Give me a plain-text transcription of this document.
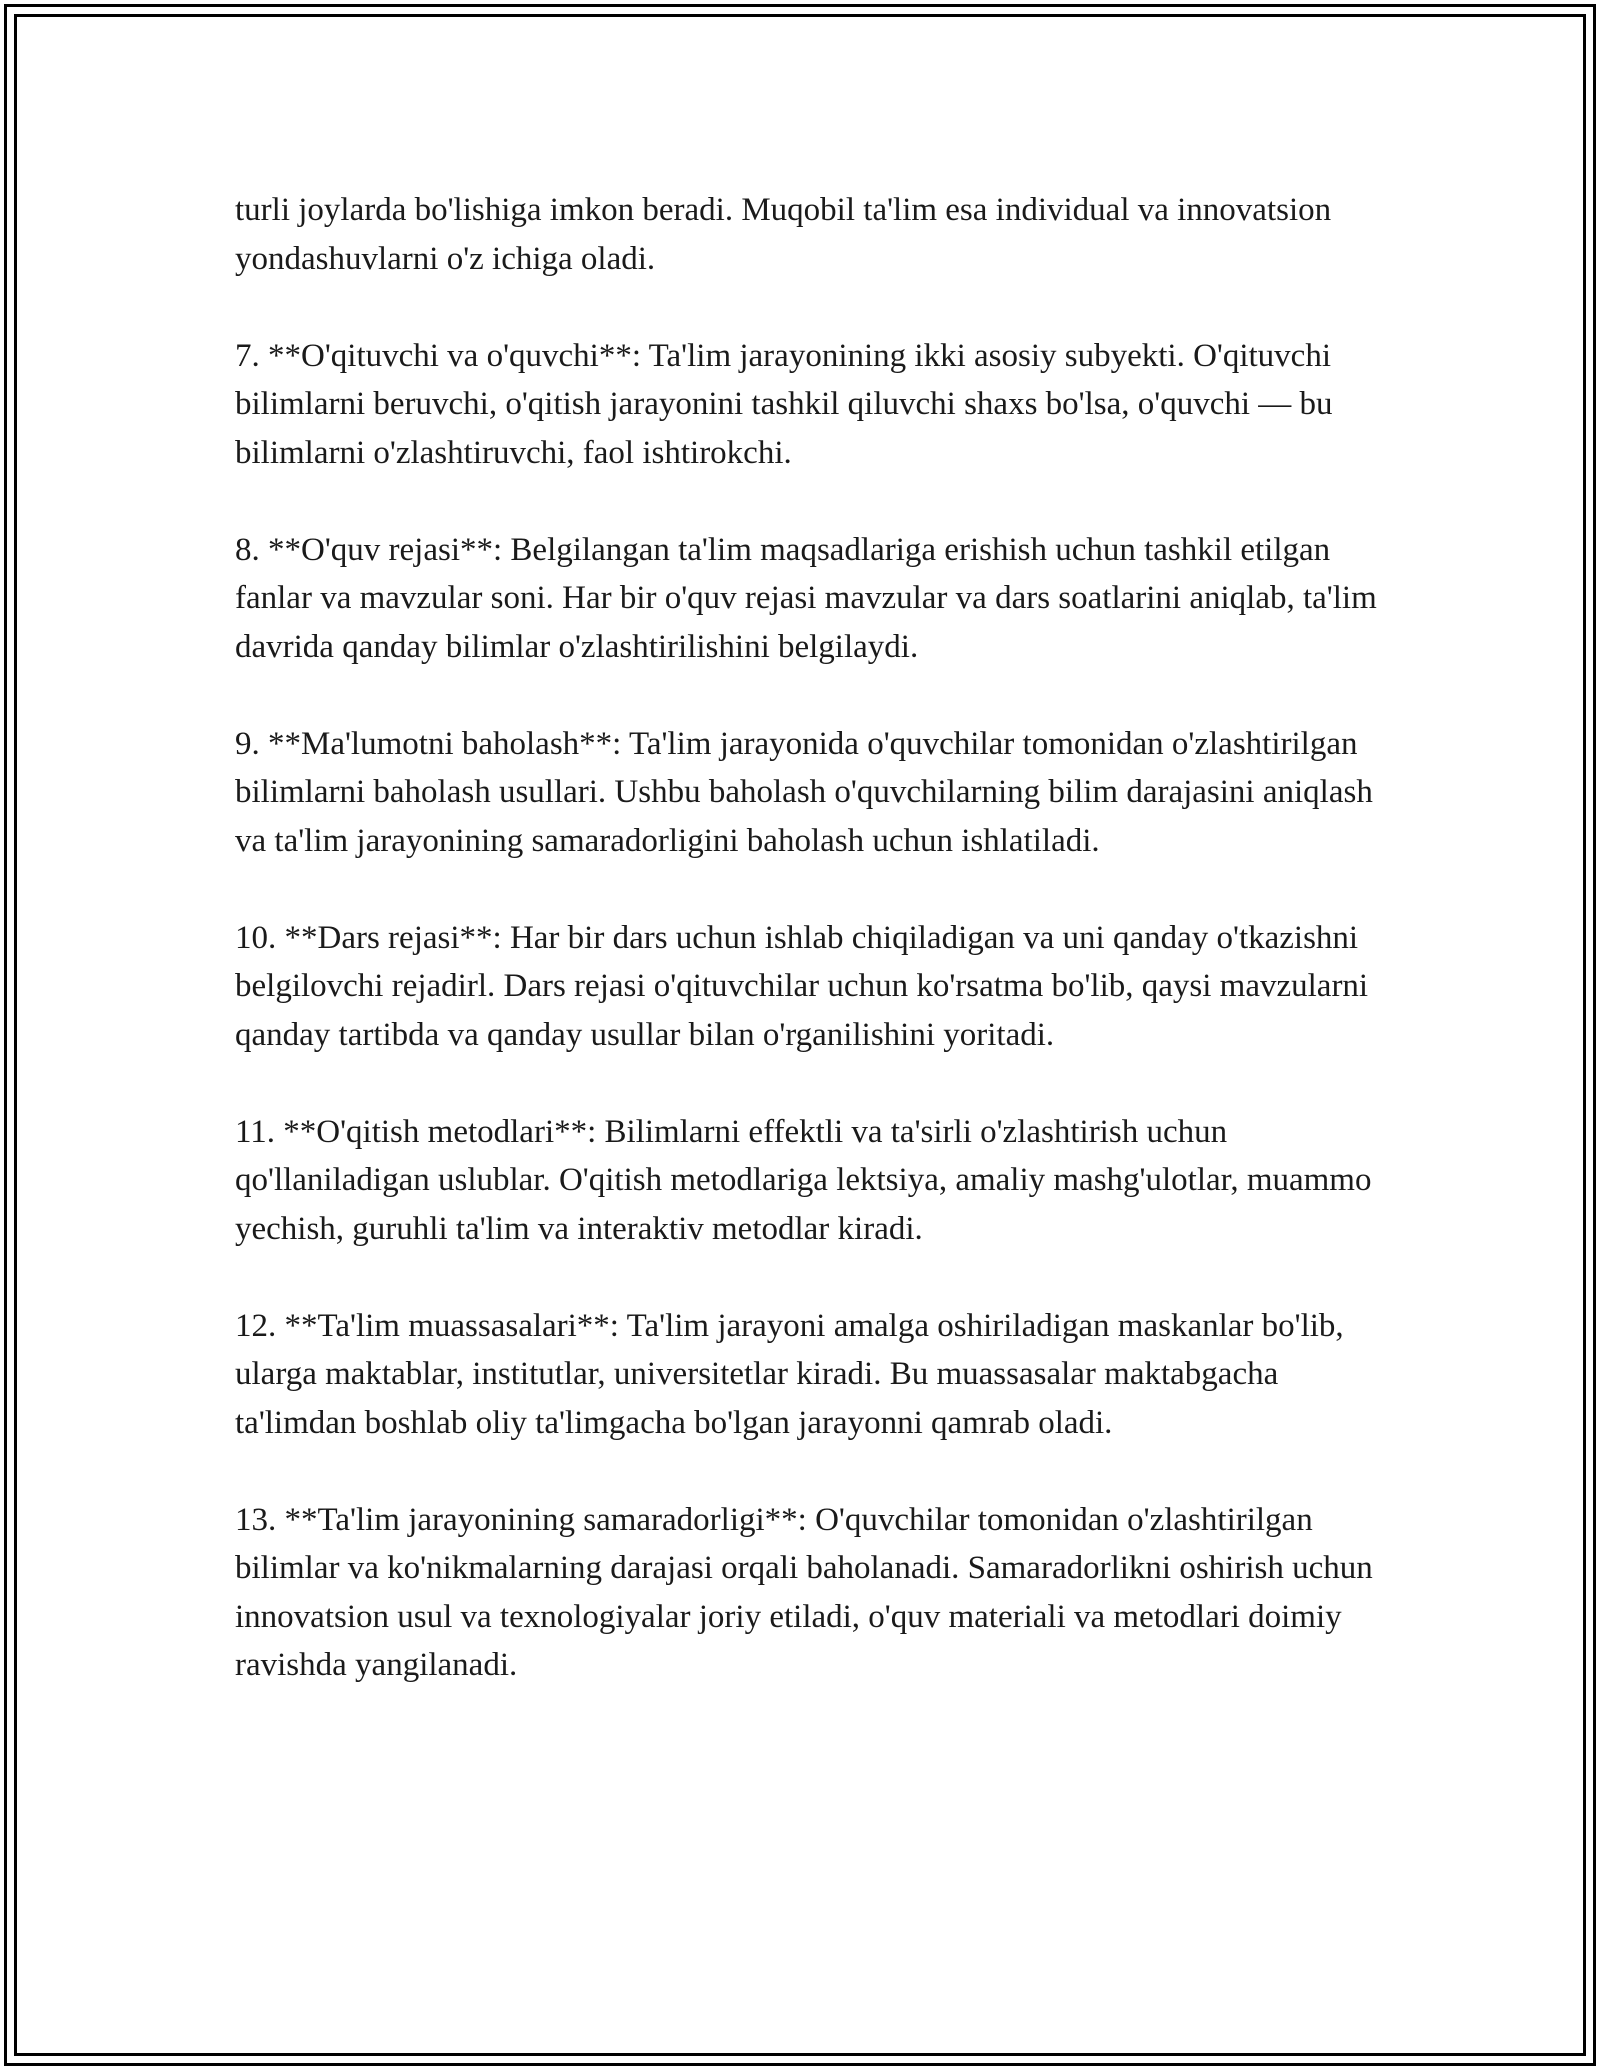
turli joylarda bo'lishiga imkon beradi. Muqobil ta'lim esa individual va innovatsion yondashuvlarni o'z ichiga oladi.

7. **O'qituvchi va o'quvchi**: Ta'lim jarayonining ikki asosiy subyekti. O'qituvchi bilimlarni beruvchi, o'qitish jarayonini tashkil qiluvchi shaxs bo'lsa, o'quvchi — bu bilimlarni o'zlashtiruvchi, faol ishtirokchi.

8. **O'quv rejasi**: Belgilangan ta'lim maqsadlariga erishish uchun tashkil etilgan fanlar va mavzular soni. Har bir o'quv rejasi mavzular va dars soatlarini aniqlab, ta'lim davrida qanday bilimlar o'zlashtirilishini belgilaydi.

9. **Ma'lumotni baholash**: Ta'lim jarayonida o'quvchilar tomonidan o'zlashtirilgan bilimlarni baholash usullari. Ushbu baholash o'quvchilarning bilim darajasini aniqlash va ta'lim jarayonining samaradorligini baholash uchun ishlatiladi.

10. **Dars rejasi**: Har bir dars uchun ishlab chiqiladigan va uni qanday o'tkazishni belgilovchi rejadirl. Dars rejasi o'qituvchilar uchun ko'rsatma bo'lib, qaysi mavzularni qanday tartibda va qanday usullar bilan o'rganilishini yoritadi.

11. **O'qitish metodlari**: Bilimlarni effektli va ta'sirli o'zlashtirish uchun qo'llaniladigan uslublar. O'qitish metodlariga lektsiya, amaliy mashg'ulotlar, muammo yechish, guruhli ta'lim va interaktiv metodlar kiradi.

12. **Ta'lim muassasalari**: Ta'lim jarayoni amalga oshiriladigan maskanlar bo'lib, ularga maktablar, institutlar, universitetlar kiradi. Bu muassasalar maktabgacha ta'limdan boshlab oliy ta'limgacha bo'lgan jarayonni qamrab oladi.

13. **Ta'lim jarayonining samaradorligi**: O'quvchilar tomonidan o'zlashtirilgan bilimlar va ko'nikmalarning darajasi orqali baholanadi. Samaradorlikni oshirish uchun innovatsion usul va texnologiyalar joriy etiladi, o'quv materiali va metodlari doimiy ravishda yangilanadi.
